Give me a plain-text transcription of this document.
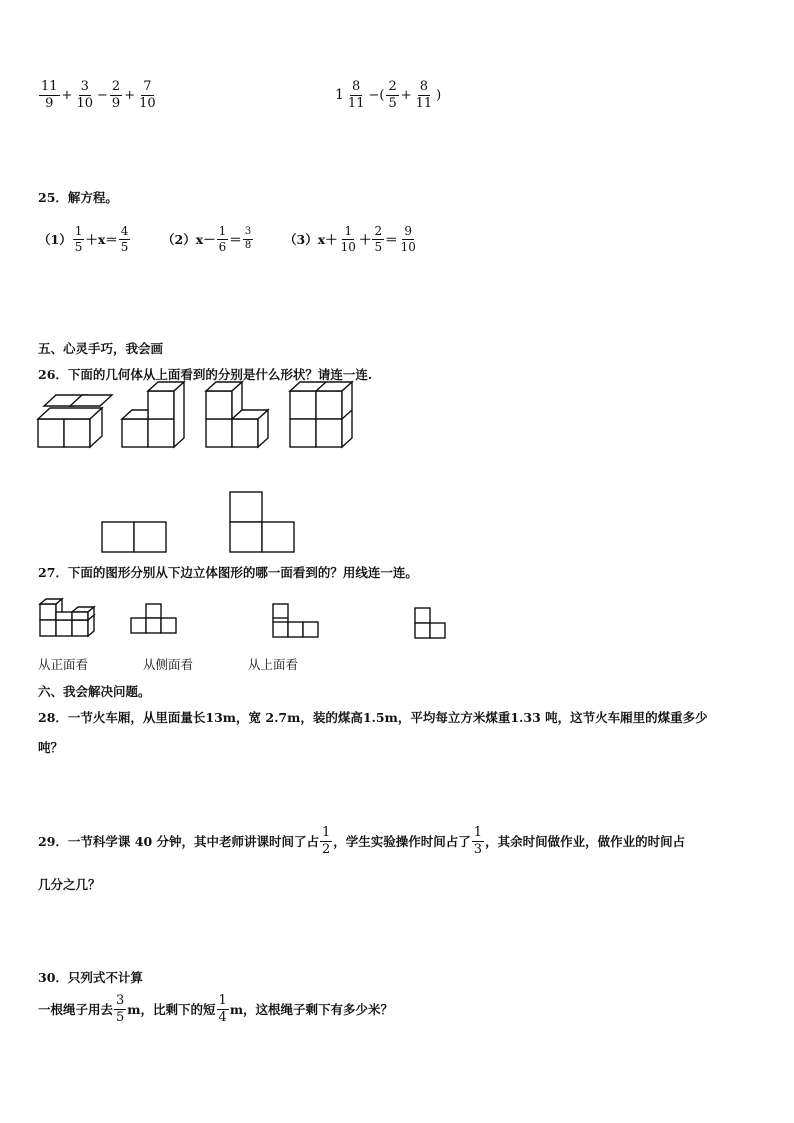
$\frac{11}{9} + \frac{3}{10} - \frac{2}{9} + \frac{7}{10}$	$1 \frac{8}{11}$ −( $\frac{2}{5} + \frac{8}{11}$ )
25．解方程。
$(1) \frac{1}{5} +x= \frac{4}{5}$	$(2)x- \frac{1}{6} = \frac{3}{8} (3)x+ \frac{1}{10} + \frac{2}{5} = \frac{9}{10}$
五、心灵手巧，我会画
26．下面的几何体从上面看到的分别是什么形状？请连一连.
27．下面的图形分别从下边立体图形的哪一面看到的？用线连一连。
从正面看	从侧面看	从上面看
六、我会解决问题。
28．一节火车厢，从里面量长13m，宽 2.7m，装的煤高1.5m，平均每立方米煤重1.33 吨，这节火车厢里的煤重多少
吨？
29．一节科学课 40 分钟，其中老师讲课时间了占 $\frac{1}{2}$ ，学生实验操作时间占了 $\frac{1}{3}$ ，其余时间做作业，做作业的时间占
几分之几？
30．只列式不计算
一根绳子用去 $\frac{3}{5}$ m，比剩下的短 $\frac{1}{4}$ m，这根绳子剩下有多少米？
